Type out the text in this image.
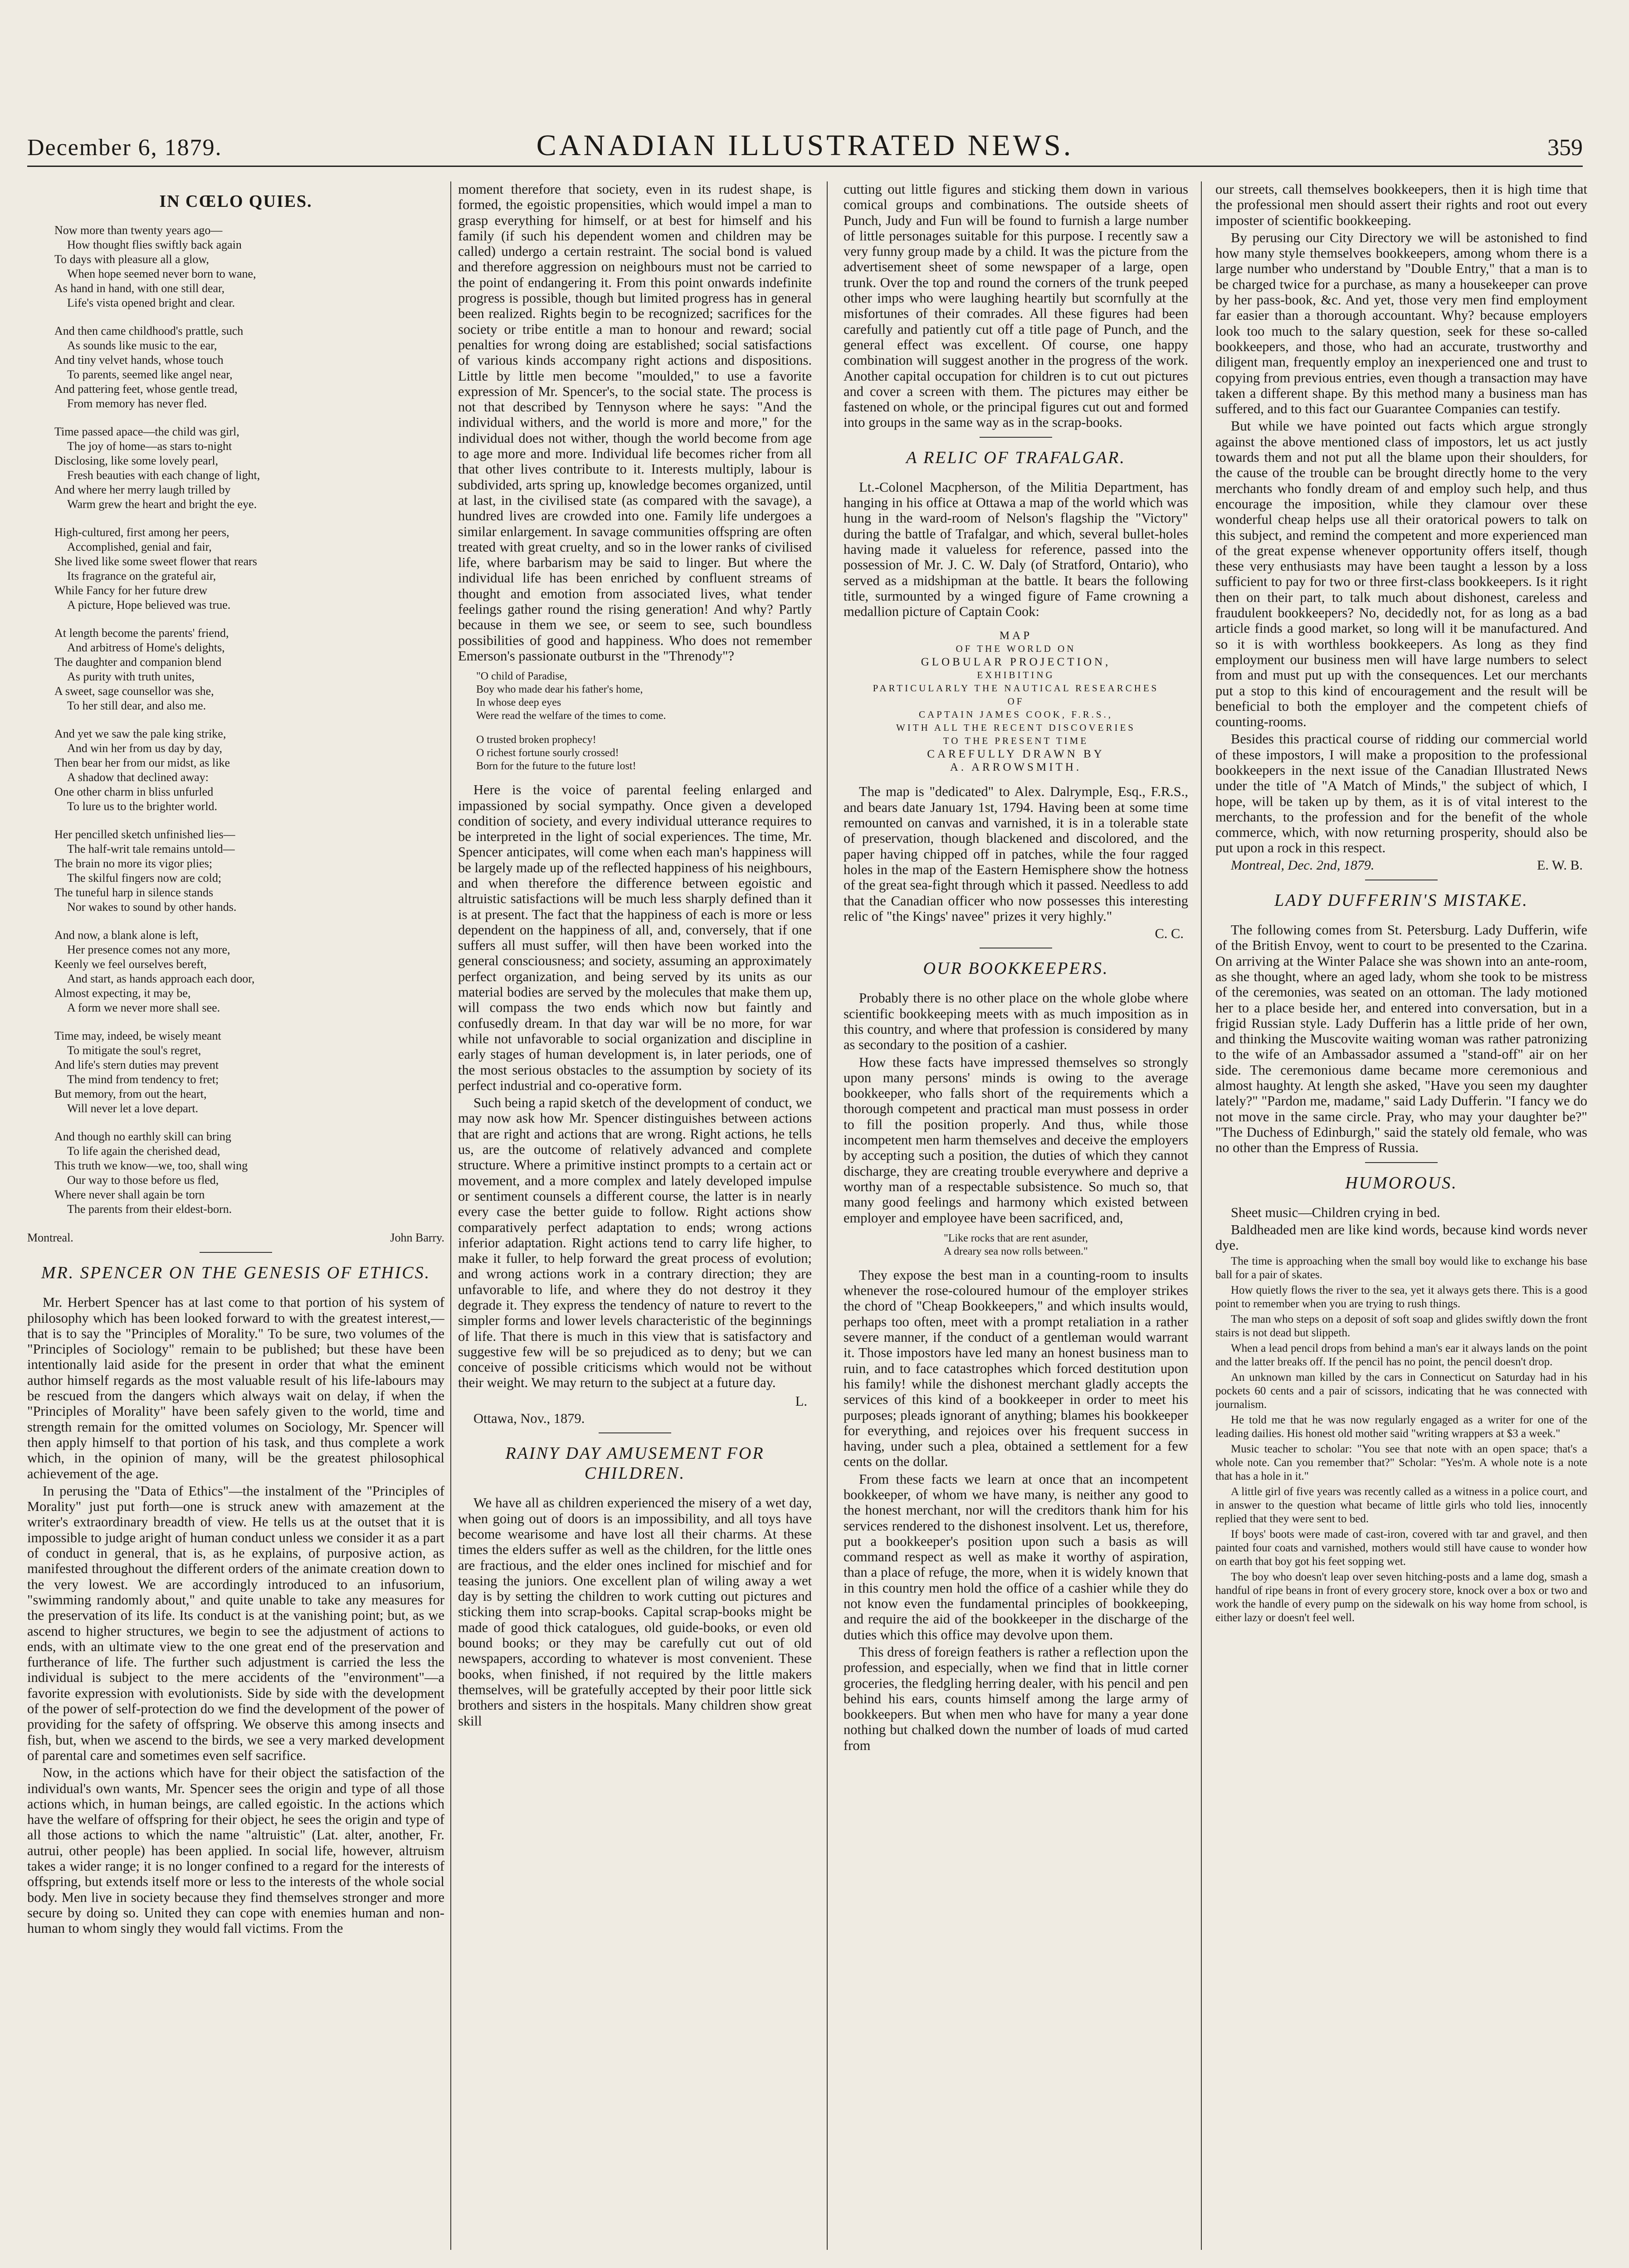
December 6, 1879.	CANADIAN ILLUSTRATED NEWS.	359
IN CŒLO QUIES.
Now more than twenty years ago—
How thought flies swiftly back again
To days with pleasure all a glow,
When hope seemed never born to wane,
As hand in hand, with one still dear,
Life's vista opened bright and clear.
And then came childhood's prattle, such
As sounds like music to the ear,
And tiny velvet hands, whose touch
To parents, seemed like angel near,
And pattering feet, whose gentle tread,
From memory has never fled.
Time passed apace—the child was girl,
The joy of home—as stars to-night
Disclosing, like some lovely pearl,
Fresh beauties with each change of light,
And where her merry laugh trilled by
Warm grew the heart and bright the eye.
High-cultured, first among her peers,
Accomplished, genial and fair,
She lived like some sweet flower that rears
Its fragrance on the grateful air,
While Fancy for her future drew
A picture, Hope believed was true.
At length become the parents' friend,
And arbitress of Home's delights,
The daughter and companion blend
As purity with truth unites,
A sweet, sage counsellor was she,
To her still dear, and also me.
And yet we saw the pale king strike,
And win her from us day by day,
Then bear her from our midst, as like
A shadow that declined away:
One other charm in bliss unfurled
To lure us to the brighter world.
Her pencilled sketch unfinished lies—
The half-writ tale remains untold—
The brain no more its vigor plies;
The skilful fingers now are cold;
The tuneful harp in silence stands
Nor wakes to sound by other hands.
And now, a blank alone is left,
Her presence comes not any more,
Keenly we feel ourselves bereft,
And start, as hands approach each door,
Almost expecting, it may be,
A form we never more shall see.
Time may, indeed, be wisely meant
To mitigate the soul's regret,
And life's stern duties may prevent
The mind from tendency to fret;
But memory, from out the heart,
Will never let a love depart.
And though no earthly skill can bring
To life again the cherished dead,
This truth we know—we, too, shall wing
Our way to those before us fled,
Where never shall again be torn
The parents from their eldest-born.
Montreal.	John Barry.
MR. SPENCER ON THE GENESIS OF ETHICS.

Mr. Herbert Spencer has at last come to that portion of his system of philosophy which has been looked forward to with the greatest interest,—that is to say the "Principles of Morality." To be sure, two volumes of the "Principles of Sociology" remain to be published; but these have been intentionally laid aside for the present in order that what the eminent author himself regards as the most valuable result of his life-labours may be rescued from the dangers which always wait on delay, if when the "Principles of Morality" have been safely given to the world, time and strength remain for the omitted volumes on Sociology, Mr. Spencer will then apply himself to that portion of his task, and thus complete a work which, in the opinion of many, will be the greatest philosophical achievement of the age.

In perusing the "Data of Ethics"—the instalment of the "Principles of Morality" just put forth—one is struck anew with amazement at the writer's extraordinary breadth of view. He tells us at the outset that it is impossible to judge aright of human conduct unless we consider it as a part of conduct in general, that is, as he explains, of purposive action, as manifested throughout the different orders of the animate creation down to the very lowest. We are accordingly introduced to an infusorium, "swimming randomly about," and quite unable to take any measures for the preservation of its life. Its conduct is at the vanishing point; but, as we ascend to higher structures, we begin to see the adjustment of actions to ends, with an ultimate view to the one great end of the preservation and furtherance of life. The further such adjustment is carried the less the individual is subject to the mere accidents of the "environment"—a favorite expression with evolutionists. Side by side with the development of the power of self-protection do we find the development of the power of providing for the safety of offspring. We observe this among insects and fish, but, when we ascend to the birds, we see a very marked development of parental care and sometimes even self sacrifice.

Now, in the actions which have for their object the satisfaction of the individual's own wants, Mr. Spencer sees the origin and type of all those actions which, in human beings, are called egoistic. In the actions which have the welfare of offspring for their object, he sees the origin and type of all those actions to which the name "altruistic" (Lat. alter, another, Fr. autrui, other people) has been applied. In social life, however, altruism takes a wider range; it is no longer confined to a regard for the interests of offspring, but extends itself more or less to the interests of the whole social body. Men live in society because they find themselves stronger and more secure by doing so. United they can cope with enemies human and non-human to whom singly they would fall victims. From the

moment therefore that society, even in its rudest shape, is formed, the egoistic propensities, which would impel a man to grasp everything for himself, or at best for himself and his family (if such his dependent women and children may be called) undergo a certain restraint. The social bond is valued and therefore aggression on neighbours must not be carried to the point of endangering it. From this point onwards indefinite progress is possible, though but limited progress has in general been realized. Rights begin to be recognized; sacrifices for the society or tribe entitle a man to honour and reward; social penalties for wrong doing are established; social satisfactions of various kinds accompany right actions and dispositions. Little by little men become "moulded," to use a favorite expression of Mr. Spencer's, to the social state. The process is not that described by Tennyson where he says: "And the individual withers, and the world is more and more," for the individual does not wither, though the world become from age to age more and more. Individual life becomes richer from all that other lives contribute to it. Interests multiply, labour is subdivided, arts spring up, knowledge becomes organized, until at last, in the civilised state (as compared with the savage), a hundred lives are crowded into one. Family life undergoes a similar enlargement. In savage communities offspring are often treated with great cruelty, and so in the lower ranks of civilised life, where barbarism may be said to linger. But where the individual life has been enriched by confluent streams of thought and emotion from associated lives, what tender feelings gather round the rising generation! And why? Partly because in them we see, or seem to see, such boundless possibilities of good and happiness. Who does not remember Emerson's passionate outburst in the "Threnody"?

"O child of Paradise,
Boy who made dear his father's home,
In whose deep eyes
Were read the welfare of the times to come.
O trusted broken prophecy!
O richest fortune sourly crossed!
Born for the future to the future lost!

Here is the voice of parental feeling enlarged and impassioned by social sympathy. Once given a developed condition of society, and every individual utterance requires to be interpreted in the light of social experiences. The time, Mr. Spencer anticipates, will come when each man's happiness will be largely made up of the reflected happiness of his neighbours, and when therefore the difference between egoistic and altruistic satisfactions will be much less sharply defined than it is at present. The fact that the happiness of each is more or less dependent on the happiness of all, and, conversely, that if one suffers all must suffer, will then have been worked into the general consciousness; and society, assuming an approximately perfect organization, and being served by its units as our material bodies are served by the molecules that make them up, will compass the two ends which now but faintly and confusedly dream. In that day war will be no more, for war while not unfavorable to social organization and discipline in early stages of human development is, in later periods, one of the most serious obstacles to the assumption by society of its perfect industrial and co-operative form.

Such being a rapid sketch of the development of conduct, we may now ask how Mr. Spencer distinguishes between actions that are right and actions that are wrong. Right actions, he tells us, are the outcome of relatively advanced and complete structure. Where a primitive instinct prompts to a certain act or movement, and a more complex and lately developed impulse or sentiment counsels a different course, the latter is in nearly every case the better guide to follow. Right actions show comparatively perfect adaptation to ends; wrong actions inferior adaptation. Right actions tend to carry life higher, to make it fuller, to help forward the great process of evolution; and wrong actions work in a contrary direction; they are unfavorable to life, and where they do not destroy it they degrade it. They express the tendency of nature to revert to the simpler forms and lower levels characteristic of the beginnings of life. That there is much in this view that is satisfactory and suggestive few will be so prejudiced as to deny; but we can conceive of possible criticisms which would not be without their weight. We may return to the subject at a future day.

L.
Ottawa, Nov., 1879.
RAINY DAY AMUSEMENT FOR CHILDREN.

We have all as children experienced the misery of a wet day, when going out of doors is an impossibility, and all toys have become wearisome and have lost all their charms. At these times the elders suffer as well as the children, for the little ones are fractious, and the elder ones inclined for mischief and for teasing the juniors. One excellent plan of wiling away a wet day is by setting the children to work cutting out pictures and sticking them into scrap-books. Capital scrap-books might be made of good thick catalogues, old guide-books, or even old bound books; or they may be carefully cut out of old newspapers, according to whatever is most convenient. These books, when finished, if not required by the little makers themselves, will be gratefully accepted by their poor little sick brothers and sisters in the hospitals. Many children show great skill

cutting out little figures and sticking them down in various comical groups and combinations. The outside sheets of Punch, Judy and Fun will be found to furnish a large number of little personages suitable for this purpose. I recently saw a very funny group made by a child. It was the picture from the advertisement sheet of some newspaper of a large, open trunk. Over the top and round the corners of the trunk peeped other imps who were laughing heartily but scornfully at the misfortunes of their comrades. All these figures had been carefully and patiently cut off a title page of Punch, and the general effect was excellent. Of course, one happy combination will suggest another in the progress of the work. Another capital occupation for children is to cut out pictures and cover a screen with them. The pictures may either be fastened on whole, or the principal figures cut out and formed into groups in the same way as in the scrap-books.

A RELIC OF TRAFALGAR.

Lt.-Colonel Macpherson, of the Militia Department, has hanging in his office at Ottawa a map of the world which was hung in the ward-room of Nelson's flagship the "Victory" during the battle of Trafalgar, and which, several bullet-holes having made it valueless for reference, passed into the possession of Mr. J. C. W. Daly (of Stratford, Ontario), who served as a midshipman at the battle. It bears the following title, surmounted by a winged figure of Fame crowning a medallion picture of Captain Cook:

MAP
OF THE WORLD ON
GLOBULAR PROJECTION,
EXHIBITING
PARTICULARLY THE NAUTICAL RESEARCHES
OF
CAPTAIN JAMES COOK, F.R.S.,
WITH ALL THE RECENT DISCOVERIES
TO THE PRESENT TIME
CAREFULLY DRAWN BY
A. ARROWSMITH.

The map is "dedicated" to Alex. Dalrymple, Esq., F.R.S., and bears date January 1st, 1794. Having been at some time remounted on canvas and varnished, it is in a tolerable state of preservation, though blackened and discolored, and the paper having chipped off in patches, while the four ragged holes in the map of the Eastern Hemisphere show the hotness of the great sea-fight through which it passed. Needless to add that the Canadian officer who now possesses this interesting relic of "the Kings' navee" prizes it very highly."

C. C.
OUR BOOKKEEPERS.

Probably there is no other place on the whole globe where scientific bookkeeping meets with as much imposition as in this country, and where that profession is considered by many as secondary to the position of a cashier.

How these facts have impressed themselves so strongly upon many persons' minds is owing to the average bookkeeper, who falls short of the requirements which a thorough competent and practical man must possess in order to fill the position properly. And thus, while those incompetent men harm themselves and deceive the employers by accepting such a position, the duties of which they cannot discharge, they are creating trouble everywhere and deprive a worthy man of a respectable subsistence. So much so, that many good feelings and harmony which existed between employer and employee have been sacrificed, and,

"Like rocks that are rent asunder,
A dreary sea now rolls between."

They expose the best man in a counting-room to insults whenever the rose-coloured humour of the employer strikes the chord of "Cheap Bookkeepers," and which insults would, perhaps too often, meet with a prompt retaliation in a rather severe manner, if the conduct of a gentleman would warrant it. Those impostors have led many an honest business man to ruin, and to face catastrophes which forced destitution upon his family! while the dishonest merchant gladly accepts the services of this kind of a bookkeeper in order to meet his purposes; pleads ignorant of anything; blames his bookkeeper for everything, and rejoices over his frequent success in having, under such a plea, obtained a settlement for a few cents on the dollar.

From these facts we learn at once that an incompetent bookkeeper, of whom we have many, is neither any good to the honest merchant, nor will the creditors thank him for his services rendered to the dishonest insolvent. Let us, therefore, put a bookkeeper's position upon such a basis as will command respect as well as make it worthy of aspiration, than a place of refuge, the more, when it is widely known that in this country men hold the office of a cashier while they do not know even the fundamental principles of bookkeeping, and require the aid of the bookkeeper in the discharge of the duties which this office may devolve upon them.

This dress of foreign feathers is rather a reflection upon the profession, and especially, when we find that in little corner groceries, the fledgling herring dealer, with his pencil and pen behind his ears, counts himself among the large army of bookkeepers. But when men who have for many a year done nothing but chalked down the number of loads of mud carted from

our streets, call themselves bookkeepers, then it is high time that the professional men should assert their rights and root out every imposter of scientific bookkeeping.

By perusing our City Directory we will be astonished to find how many style themselves bookkeepers, among whom there is a large number who understand by "Double Entry," that a man is to be charged twice for a purchase, as many a housekeeper can prove by her pass-book, &c. And yet, those very men find employment far easier than a thorough accountant. Why? because employers look too much to the salary question, seek for these so-called bookkeepers, and those, who had an accurate, trustworthy and diligent man, frequently employ an inexperienced one and trust to copying from previous entries, even though a transaction may have taken a different shape. By this method many a business man has suffered, and to this fact our Guarantee Companies can testify.

But while we have pointed out facts which argue strongly against the above mentioned class of impostors, let us act justly towards them and not put all the blame upon their shoulders, for the cause of the trouble can be brought directly home to the very merchants who fondly dream of and employ such help, and thus encourage the imposition, while they clamour over these wonderful cheap helps use all their oratorical powers to talk on this subject, and remind the competent and more experienced man of the great expense whenever opportunity offers itself, though these very enthusiasts may have been taught a lesson by a loss sufficient to pay for two or three first-class bookkeepers. Is it right then on their part, to talk much about dishonest, careless and fraudulent bookkeepers? No, decidedly not, for as long as a bad article finds a good market, so long will it be manufactured. And so it is with worthless bookkeepers. As long as they find employment our business men will have large numbers to select from and must put up with the consequences. Let our merchants put a stop to this kind of encouragement and the result will be beneficial to both the employer and the competent chiefs of counting-rooms.

Besides this practical course of ridding our commercial world of these impostors, I will make a proposition to the professional bookkeepers in the next issue of the Canadian Illustrated News under the title of "A Match of Minds," the subject of which, I hope, will be taken up by them, as it is of vital interest to the merchants, to the profession and for the benefit of the whole commerce, which, with now returning prosperity, should also be put upon a rock in this respect.

Montreal, Dec. 2nd, 1879.	E. W. B.
LADY DUFFERIN'S MISTAKE.

The following comes from St. Petersburg. Lady Dufferin, wife of the British Envoy, went to court to be presented to the Czarina. On arriving at the Winter Palace she was shown into an ante-room, as she thought, where an aged lady, whom she took to be mistress of the ceremonies, was seated on an ottoman. The lady motioned her to a place beside her, and entered into conversation, but in a frigid Russian style. Lady Dufferin has a little pride of her own, and thinking the Muscovite waiting woman was rather patronizing to the wife of an Ambassador assumed a "stand-off" air on her side. The ceremonious dame became more ceremonious and almost haughty. At length she asked, "Have you seen my daughter lately?" "Pardon me, madame," said Lady Dufferin. "I fancy we do not move in the same circle. Pray, who may your daughter be?" "The Duchess of Edinburgh," said the stately old female, who was no other than the Empress of Russia.

HUMOROUS.

Sheet music—Children crying in bed.

Baldheaded men are like kind words, because kind words never dye.

The time is approaching when the small boy would like to exchange his base ball for a pair of skates.

How quietly flows the river to the sea, yet it always gets there. This is a good point to remember when you are trying to rush things.

The man who steps on a deposit of soft soap and glides swiftly down the front stairs is not dead but slippeth.

When a lead pencil drops from behind a man's ear it always lands on the point and the latter breaks off. If the pencil has no point, the pencil doesn't drop.

An unknown man killed by the cars in Connecticut on Saturday had in his pockets 60 cents and a pair of scissors, indicating that he was connected with journalism.

He told me that he was now regularly engaged as a writer for one of the leading dailies. His honest old mother said "writing wrappers at $3 a week."

Music teacher to scholar: "You see that note with an open space; that's a whole note. Can you remember that?" Scholar: "Yes'm. A whole note is a note that has a hole in it."

A little girl of five years was recently called as a witness in a police court, and in answer to the question what became of little girls who told lies, innocently replied that they were sent to bed.

If boys' boots were made of cast-iron, covered with tar and gravel, and then painted four coats and varnished, mothers would still have cause to wonder how on earth that boy got his feet sopping wet.

The boy who doesn't leap over seven hitching-posts and a lame dog, smash a handful of ripe beans in front of every grocery store, knock over a box or two and work the handle of every pump on the sidewalk on his way home from school, is either lazy or doesn't feel well.
